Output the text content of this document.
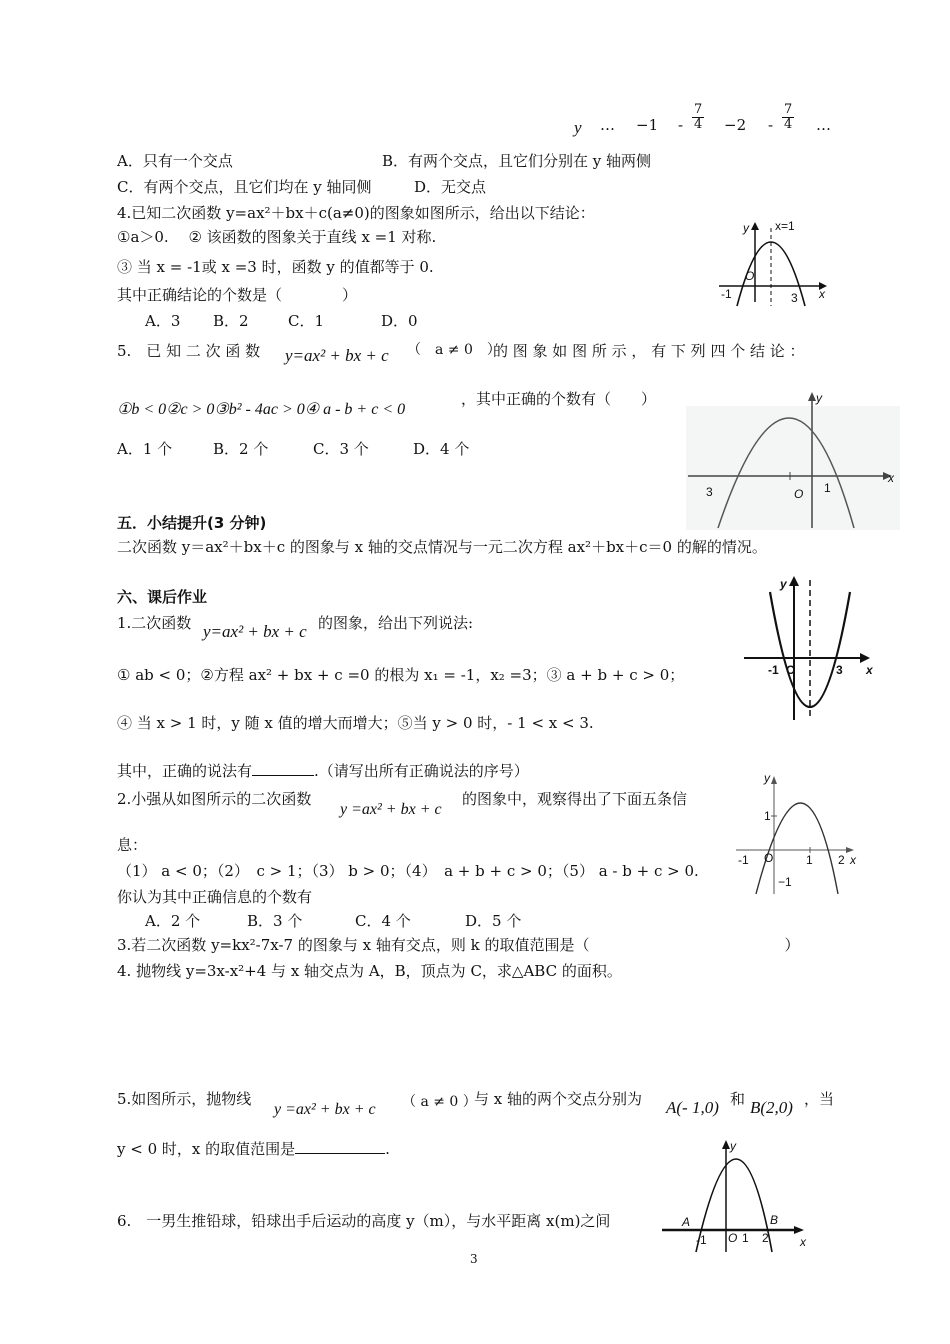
y … $-1 - \frac{7}{4} -2 - \frac{7}{4}$ …
A．只有一个交点	B．有两个交点，且它们分别在 y 轴两侧
C．有两个交点，且它们均在 y 轴同侧	D．无交点
4.已知二次函数 y=ax²＋bx＋c(a≠0)的图象如图所示，给出以下结论：
①a＞0.　 ② 该函数的图象关于直线 x =1 对称.
③ 当 x = -1或 x =3 时，函数 y 的值都等于 0.
其中正确结论的个数是（　　　　）
A．3 B．2	C．1	D．0
x=1
y
O
-1	3 x
5.　已 知 二 次 函 数 y=ax² + bx + c （　a ≠ 0　）
的 图 象 如 图 所 示 ， 有 下 列 四 个 结 论 ：
①b < 0②c > 0③b² - 4ac > 0④ a - b + c < 0
，其中正确的个数有（　　）
A．1 个	B．2 个	C．3 个	D．4 个
y
x
3	O 1
五．小结提升(3 分钟)
二次函数 y＝ax²＋bx＋c 的图象与 x 轴的交点情况与一元二次方程 ax²＋bx＋c＝0 的解的情况。
六、课后作业
1.二次函数 y=ax² + bx + c 的图象，给出下列说法:
① ab < 0；②方程 ax² + bx + c =0 的根为 x₁ = -1，x₂ =3；③ a + b + c > 0；
④ 当 x > 1 时，y 随 x 值的增大而增大；⑤当 y > 0 时，- 1 < x < 3.
其中，正确的说法有	.（请写出所有正确说法的序号）
y
x
-1 O	3
2.小强从如图所示的二次函数
y =ax² + bx + c
的图象中，观察得出了下面五条信
息：
（1） a < 0；（2）　c > 1；（3） b > 0；（4）　a + b + c > 0；（5） a - b + c > 0.
你认为其中正确信息的个数有
A．2 个	B．3 个	C．4 个	D．5 个
y
1
-1 O	1 2 x
−1
3.若二次函数 y=kx²-7x-7 的图象与 x 轴有交点，则 k 的取值范围是（　　　　　　　　　　　　　）
4. 抛物线 y=3x-x²+4 与 x 轴交点为 A，B，顶点为 C，求△ABC 的面积。
5.如图所示，抛物线
y =ax² + bx + c （ a ≠ 0 ）
与 x 轴的两个交点分别为 A(- 1,0) 和 B(2,0) ，当
y < 0 时，x 的取值范围是	.	y
A	B
-1 O 1 2	x
6.　一男生推铅球，铅球出手后运动的高度 y（m），与水平距离 x(m)之间
3
